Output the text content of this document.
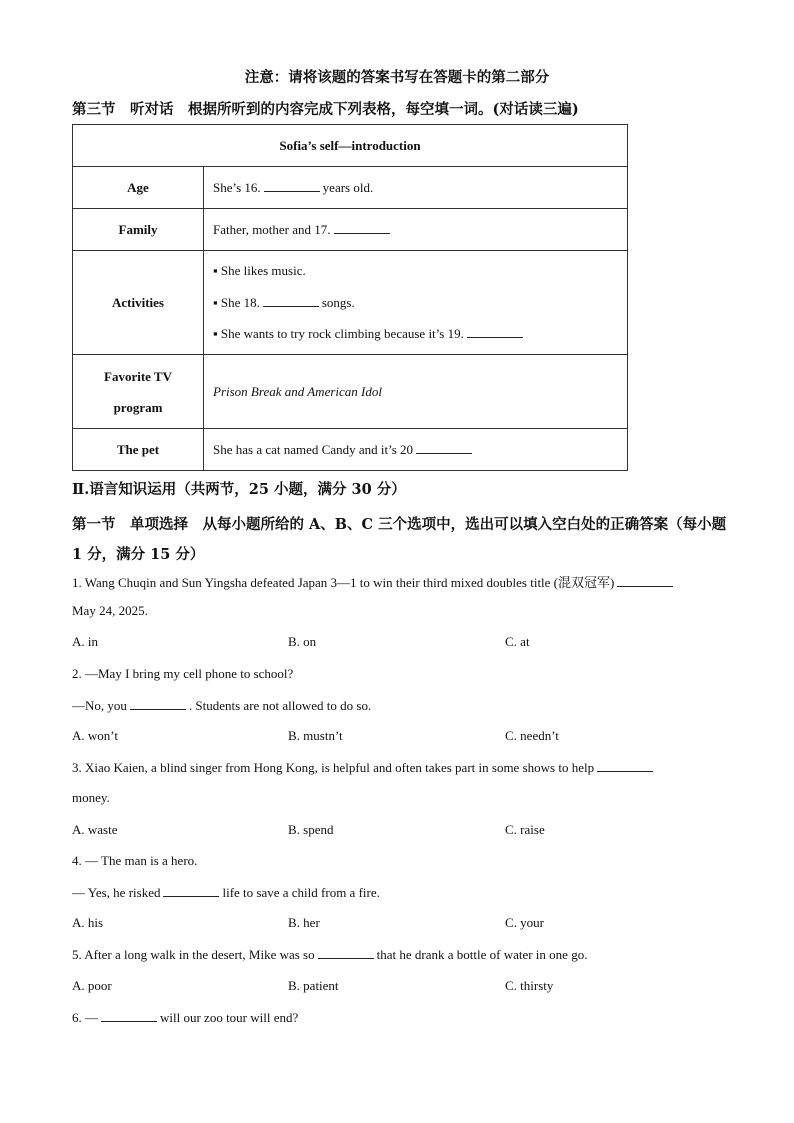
注意：请将该题的答案书写在答题卡的第二部分
第三节　听对话　根据所听到的内容完成下列表格，每空填一词。(对话读三遍)
Sofia’s self—introduction	
Age	She’s 16. years old.
Family	Father, mother and 17.
Activities	▪ She likes music.
▪ She 18. songs.
▪ She wants to try rock climbing because it’s 19.

Favorite TV
program	Prison Break and American Idol
The pet	She has a cat named Candy and it’s 20
Ⅱ.语言知识运用（共两节，25 小题，满分 30 分）
第一节　单项选择　从每小题所给的 A、B、C 三个选项中，选出可以填入空白处的正确答案（每小题 1 分，满分 15 分）
1. Wang Chuqin and Sun Yingsha defeated Japan 3—1 to win their third mixed doubles title (混双冠军)
May 24, 2025.
A. in	B. on	C. at
2. —May I bring my cell phone to school?
—No, you	. Students are not allowed to do so.
A. won’t	B. mustn’t	C. needn’t
3. Xiao Kaien, a blind singer from Hong Kong, is helpful and often takes part in some shows to help
money.
A. waste	B. spend	C. raise
4. — The man is a hero.
— Yes, he risked	life to save a child from a fire.
A. his	B. her	C. your
5. After a long walk in the desert, Mike was so	that he drank a bottle of water in one go.
A. poor	B. patient	C. thirsty
6. —	will our zoo tour will end?
